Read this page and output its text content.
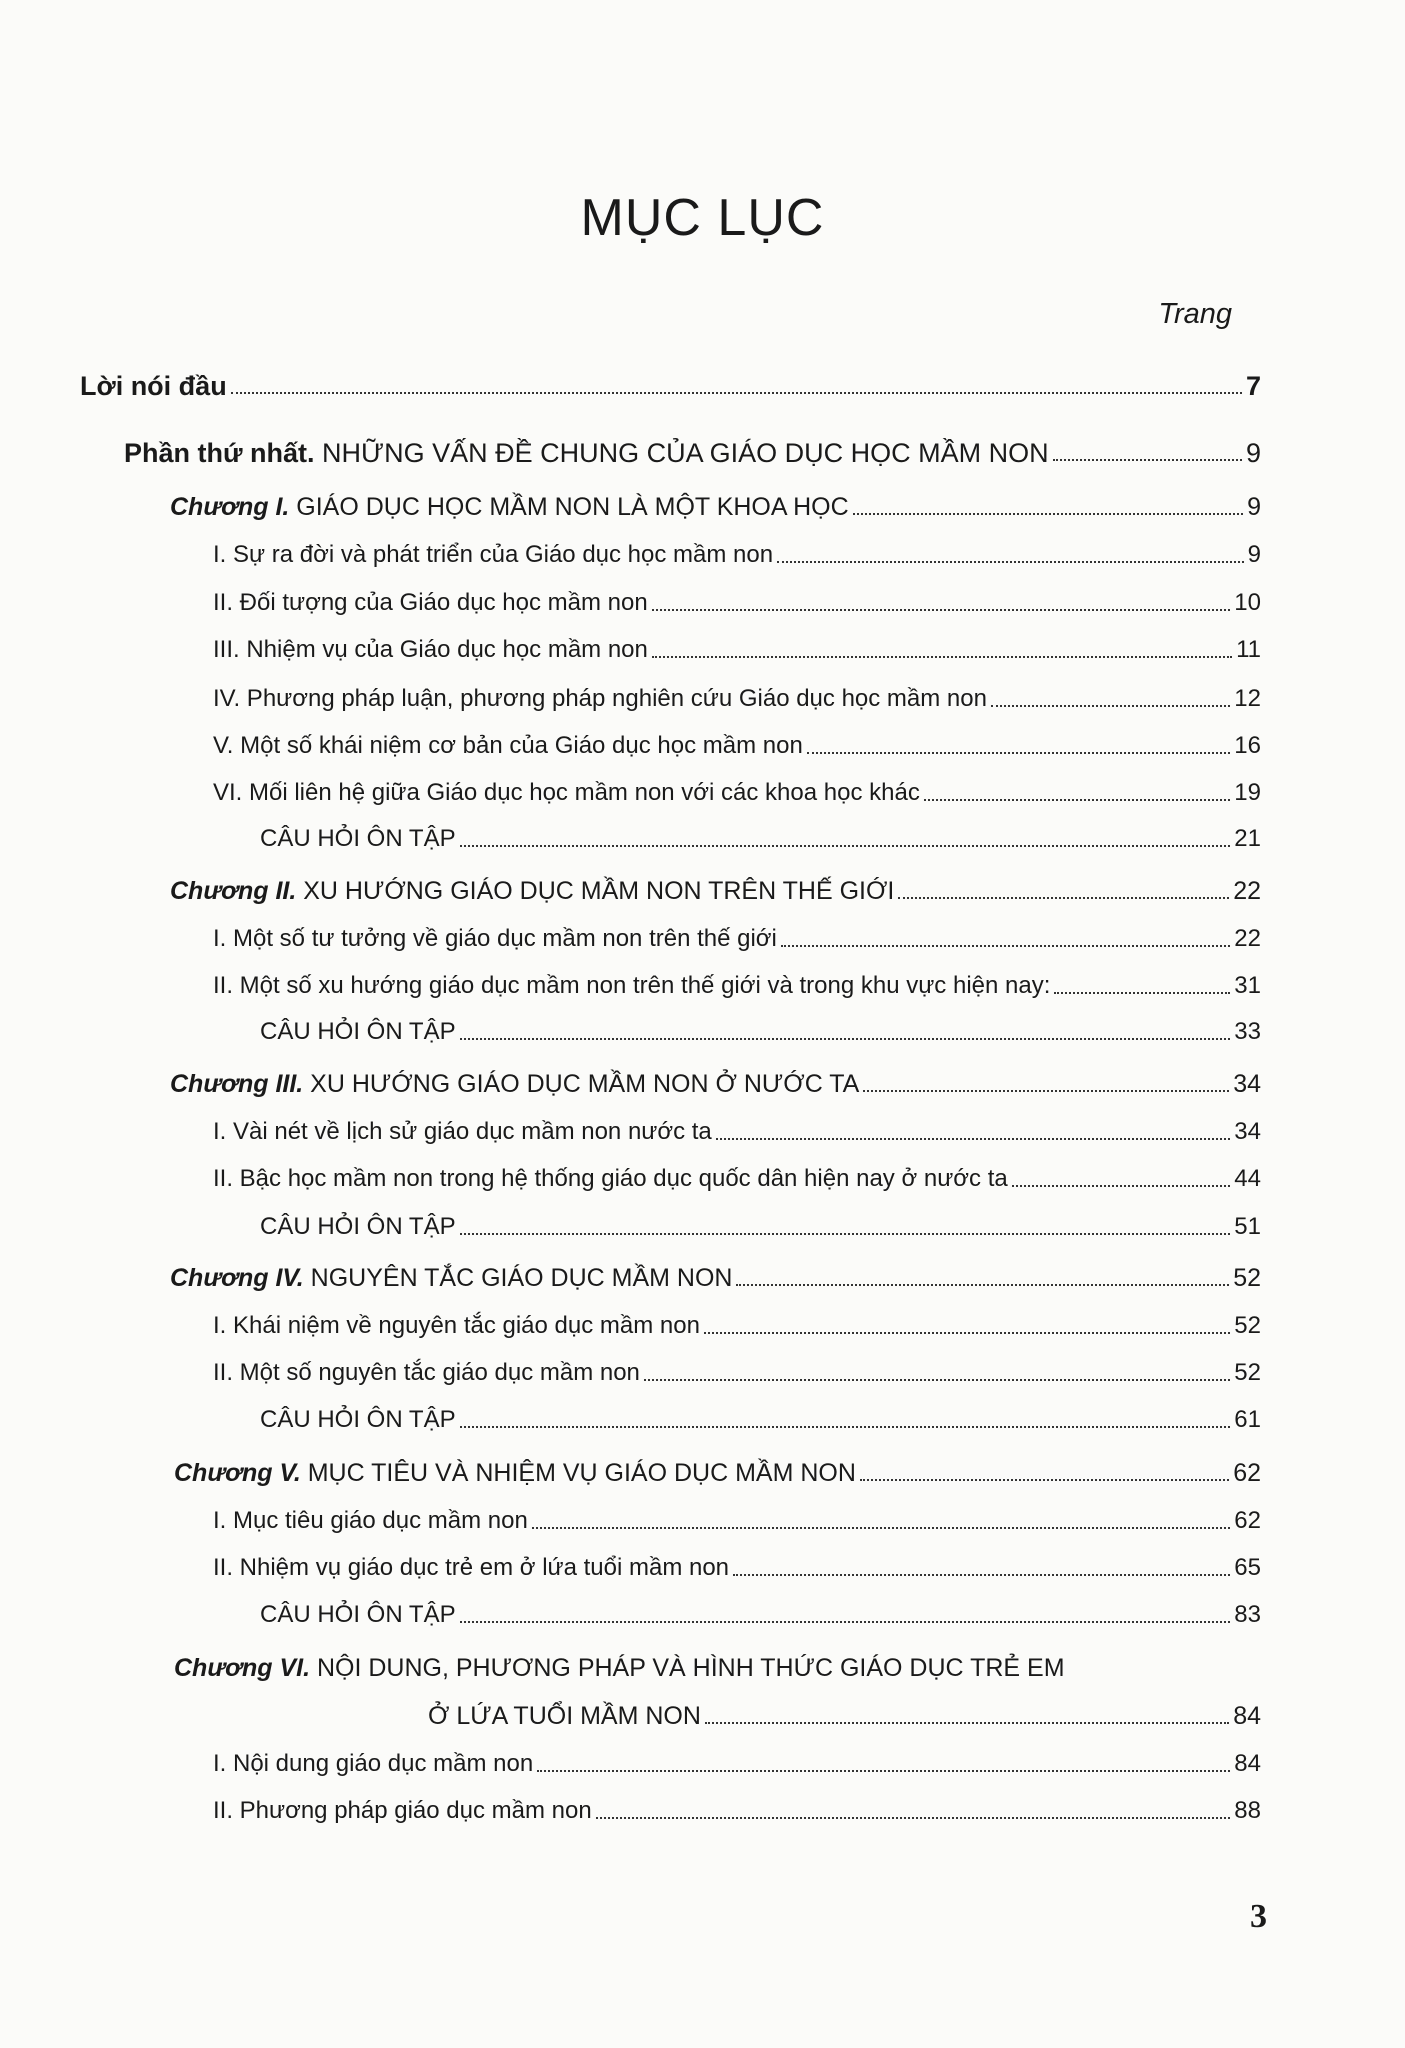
MỤC LỤC
Trang
Lời nói đầu	7
Phần thứ nhất. NHỮNG VẤN ĐỀ CHUNG CỦA GIÁO DỤC HỌC MẦM NON	9
Chương I. GIÁO DỤC HỌC MẦM NON LÀ MỘT KHOA HỌC	9
I. Sự ra đời và phát triển của Giáo dục học mầm non	9
II. Đối tượng của Giáo dục học mầm non	10
III. Nhiệm vụ của Giáo dục học mầm non	11
IV. Phương pháp luận, phương pháp nghiên cứu Giáo dục học mầm non	12
V. Một số khái niệm cơ bản của Giáo dục học mầm non	16
VI. Mối liên hệ giữa Giáo dục học mầm non với các khoa học khác	19
CÂU HỎI ÔN TẬP	21
Chương II. XU HƯỚNG GIÁO DỤC MẦM NON TRÊN THẾ GIỚI	22
I. Một số tư tưởng về giáo dục mầm non trên thế giới	22
II. Một số xu hướng giáo dục mầm non trên thế giới và trong khu vực hiện nay:	31
CÂU HỎI ÔN TẬP	33
Chương III. XU HƯỚNG GIÁO DỤC MẦM NON Ở NƯỚC TA	34
I. Vài nét về lịch sử giáo dục mầm non nước ta	34
II. Bậc học mầm non trong hệ thống giáo dục quốc dân hiện nay ở nước ta	44
CÂU HỎI ÔN TẬP	51
Chương IV. NGUYÊN TẮC GIÁO DỤC MẦM NON	52
I. Khái niệm về nguyên tắc giáo dục mầm non	52
II. Một số nguyên tắc giáo dục mầm non	52
CÂU HỎI ÔN TẬP	61
Chương V. MỤC TIÊU VÀ NHIỆM VỤ GIÁO DỤC MẦM NON	62
I. Mục tiêu giáo dục mầm non	62
II. Nhiệm vụ giáo dục trẻ em ở lứa tuổi mầm non	65
CÂU HỎI ÔN TẬP	83
Chương VI. NỘI DUNG, PHƯƠNG PHÁP VÀ HÌNH THỨC GIÁO DỤC TRẺ EM
Ở LỨA TUỔI MẦM NON	84
I. Nội dung giáo dục mầm non	84
II. Phương pháp giáo dục mầm non	88
3
